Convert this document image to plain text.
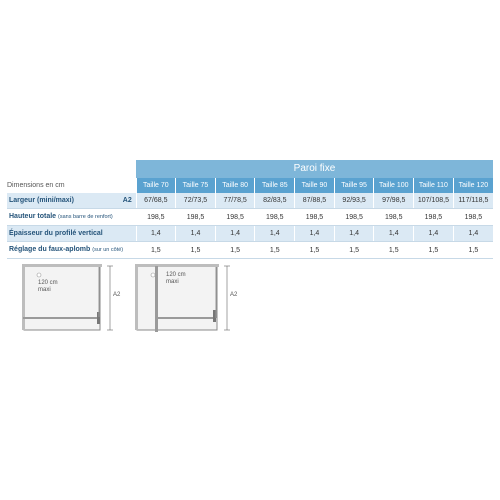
		Paroi fixe								
Dimensions en cm		Taille 70	Taille 75	Taille 80	Taille 85	Taille 90	Taille 95	Taille 100	Taille 110	Taille 120
Largeur (mini/maxi)	A2	67/68,5	72/73,5	77/78,5	82/83,5	87/88,5	92/93,5	97/98,5	107/108,5	117/118,5
Hauteur totale (sans barre de renfort)		198,5	198,5	198,5	198,5	198,5	198,5	198,5	198,5	198,5
Épaisseur du profilé vertical		1,4	1,4	1,4	1,4	1,4	1,4	1,4	1,4	1,4
Réglage du faux-aplomb (sur un côté)		1,5	1,5	1,5	1,5	1,5	1,5	1,5	1,5	1,5
120 cm
maxi
A2
120 cm
maxi
A2
